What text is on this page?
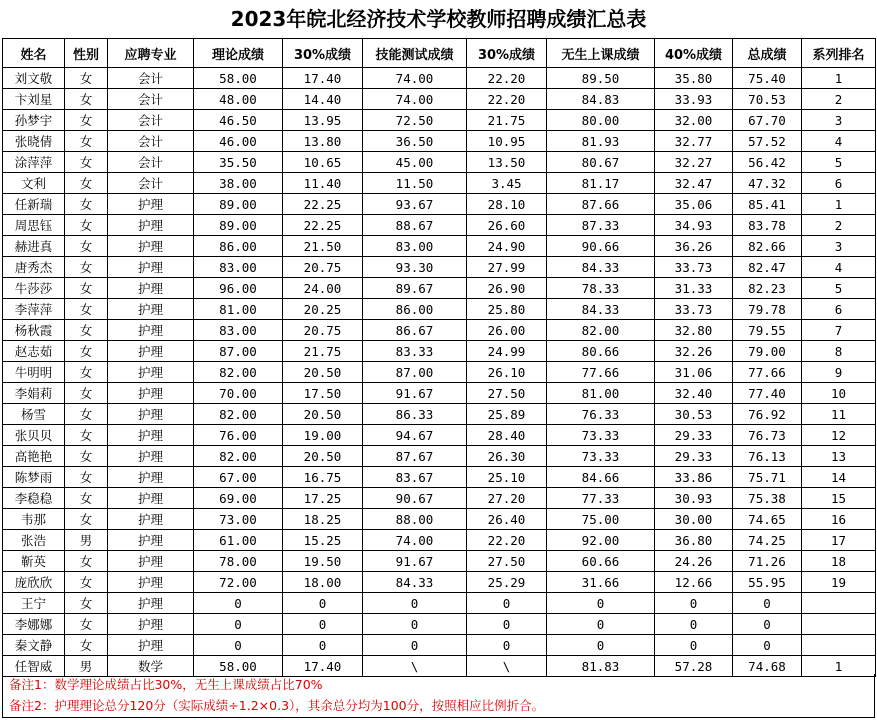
2023年皖北经济技术学校教师招聘成绩汇总表
姓名	性别	应聘专业	理论成绩	30%成绩	技能测试成绩	30%成绩	无生上课成绩	40%成绩	总成绩	系列排名
刘文敬	女	会计	58.00	17.40	74.00	22.20	89.50	35.80	75.40	1
卞刘星	女	会计	48.00	14.40	74.00	22.20	84.83	33.93	70.53	2
孙梦宇	女	会计	46.50	13.95	72.50	21.75	80.00	32.00	67.70	3
张晓倩	女	会计	46.00	13.80	36.50	10.95	81.93	32.77	57.52	4
涂萍萍	女	会计	35.50	10.65	45.00	13.50	80.67	32.27	56.42	5
文利	女	会计	38.00	11.40	11.50	3.45	81.17	32.47	47.32	6
任新瑞	女	护理	89.00	22.25	93.67	28.10	87.66	35.06	85.41	1
周思钰	女	护理	89.00	22.25	88.67	26.60	87.33	34.93	83.78	2
赫进真	女	护理	86.00	21.50	83.00	24.90	90.66	36.26	82.66	3
唐秀杰	女	护理	83.00	20.75	93.30	27.99	84.33	33.73	82.47	4
牛莎莎	女	护理	96.00	24.00	89.67	26.90	78.33	31.33	82.23	5
李萍萍	女	护理	81.00	20.25	86.00	25.80	84.33	33.73	79.78	6
杨秋霞	女	护理	83.00	20.75	86.67	26.00	82.00	32.80	79.55	7
赵志茹	女	护理	87.00	21.75	83.33	24.99	80.66	32.26	79.00	8
牛明明	女	护理	82.00	20.50	87.00	26.10	77.66	31.06	77.66	9
李娟莉	女	护理	70.00	17.50	91.67	27.50	81.00	32.40	77.40	10
杨雪	女	护理	82.00	20.50	86.33	25.89	76.33	30.53	76.92	11
张贝贝	女	护理	76.00	19.00	94.67	28.40	73.33	29.33	76.73	12
高艳艳	女	护理	82.00	20.50	87.67	26.30	73.33	29.33	76.13	13
陈梦雨	女	护理	67.00	16.75	83.67	25.10	84.66	33.86	75.71	14
李稳稳	女	护理	69.00	17.25	90.67	27.20	77.33	30.93	75.38	15
韦那	女	护理	73.00	18.25	88.00	26.40	75.00	30.00	74.65	16
张浩	男	护理	61.00	15.25	74.00	22.20	92.00	36.80	74.25	17
靳英	女	护理	78.00	19.50	91.67	27.50	60.66	24.26	71.26	18
庞欣欣	女	护理	72.00	18.00	84.33	25.29	31.66	12.66	55.95	19
王宁	女	护理	0	0	0	0	0	0	0	
李娜娜	女	护理	0	0	0	0	0	0	0	
秦文静	女	护理	0	0	0	0	0	0	0	
任智威	男	数学	58.00	17.40	\	\	81.83	57.28	74.68	1
备注1：数学理论成绩占比30%，无生上课成绩占比70%
备注2：护理理论总分120分（实际成绩÷1.2×0.3），其余总分均为100分，按照相应比例折合。
